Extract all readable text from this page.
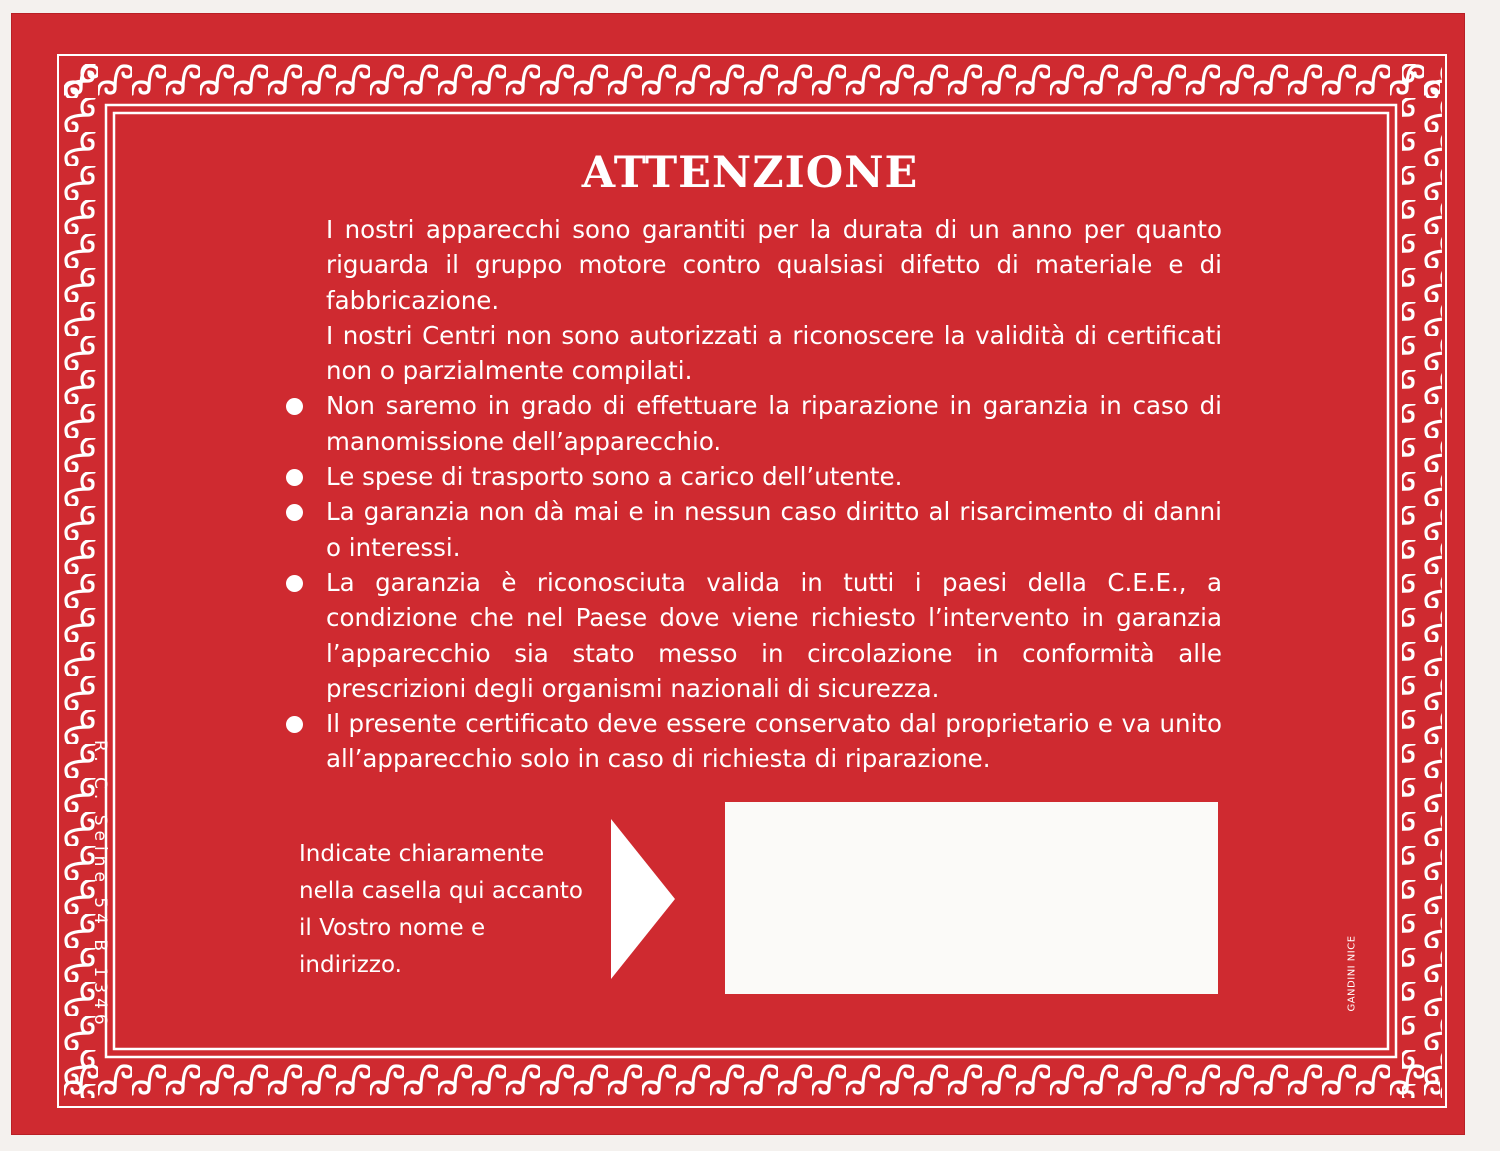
ATTENZIONE
I nostri apparecchi sono garantiti per la durata di un anno per quanto riguarda il gruppo motore contro qualsiasi difetto di materiale e di fabbricazione.
I nostri Centri non sono autorizzati a riconoscere la validità di certificati non o parzialmente compilati.
Non saremo in grado di effettuare la riparazione in garanzia in caso di manomissione dell’apparecchio.
Le spese di trasporto sono a carico dell’utente.
La garanzia non dà mai e in nessun caso diritto al risarcimento di danni o interessi.
La garanzia è riconosciuta valida in tutti i paesi della C.E.E., a condizione che nel Paese dove viene richiesto l’intervento in garanzia l’apparecchio sia stato messo in circolazione in conformità alle prescrizioni degli organismi nazionali di sicurezza.
Il presente certificato deve essere conservato dal proprietario e va unito all’apparecchio solo in caso di richiesta di riparazione.
Indicate chiaramente nella casella qui accanto il Vostro nome e indirizzo.
R. C. Seine 54 B 1346	GANDINI NICE
